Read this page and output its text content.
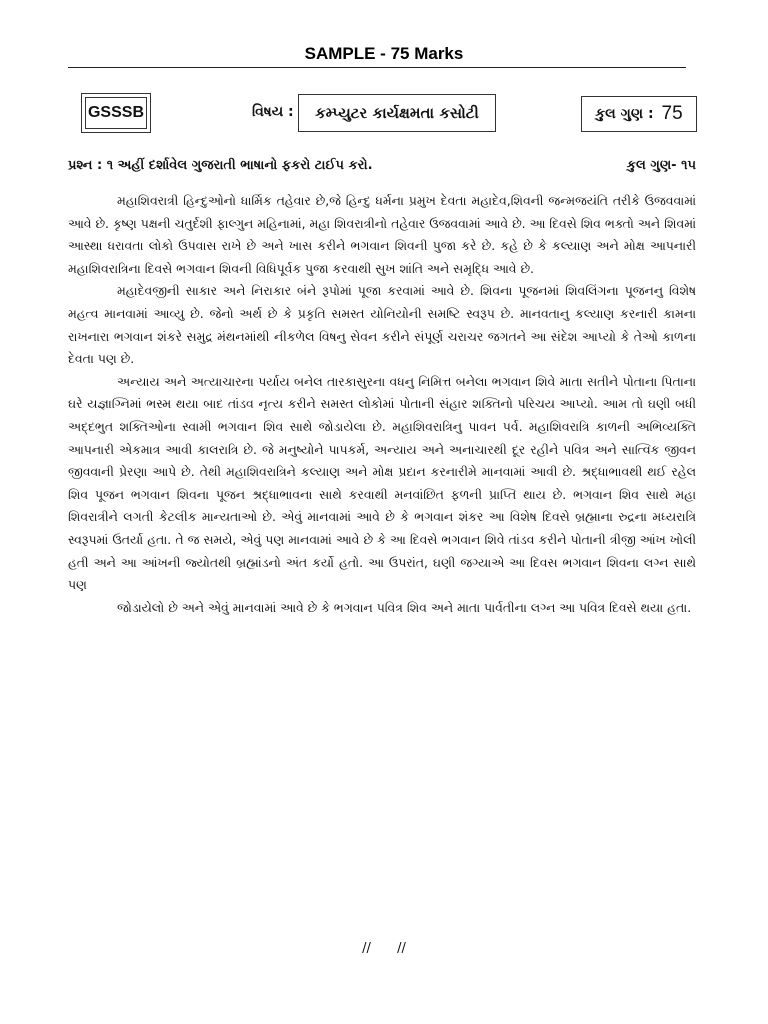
SAMPLE - 75 Marks
GSSSB	વિષય :	કમ્પ્યુટર કાર્યક્ષમતા કસોટી	કુલ ગુણ : 75
પ્રશ્ન : ૧ અહીં દર્શાવેલ ગુજરાતી ભાષાનો ફકરો ટાઈપ કરો.	કુલ ગુણ- ૧૫

મહાશિવરાત્રી હિન્દુઓનો ધાર્મિક તહેવાર છે,જે હિન્દુ ધર્મના પ્રમુખ દેવતા મહાદેવ,શિવની જન્મજયંતિ તરીકે ઉજવવામાં આવે છે. કૃષ્ણ પક્ષની ચતુર્દશી ફાલ્ગુન મહિનામાં, મહા શિવરાત્રીનો તહેવાર ઉજવવામાં આવે છે. આ દિવસે શિવ ભક્તો અને શિવમાં આસ્થા ધરાવતા લોકો ઉપવાસ રાખે છે અને ખાસ કરીને ભગવાન શિવની પુજા કરે છે. કહે છે કે કલ્યાણ અને મોક્ષ આપનારી મહાશિવરાત્રિના દિવસે ભગવાન શિવની વિધિપૂર્વક પુજા કરવાથી સુખ શાંતિ અને સમૃદ્ધિ આવે છે.

મહાદેવજીની સાકાર અને નિરાકાર બંને રૂપોમાં પૂજા કરવામાં આવે છે. શિવના પૂજનમાં શિવલિંગના પૂજનનુ વિશેષ મહત્વ માનવામાં આવ્યુ છે. જેનો અર્થ છે કે પ્રકૃતિ સમસ્ત યોનિયોની સમષ્ટિ સ્વરૂપ છે. માનવતાનુ કલ્યાણ કરનારી કામના રાખનારા ભગવાન શંકરે સમુદ્ર મંથનમાંથી નીકળેલ વિષનુ સેવન કરીને સંપૂર્ણ ચરાચર જગતને આ સંદેશ આપ્યો કે તેઓ કાળના દેવતા પણ છે.

અન્યાય અને અત્યાચારના પર્યાય બનેલ તારકાસુરના વધનુ નિમિત્ત બનેલા ભગવાન શિવે માતા સતીને પોતાના પિતાના ઘરે યજ્ઞાગ્નિમાં ભસ્મ થયા બાદ તાંડવ નૃત્ય કરીને સમસ્ત લોકોમાં પોતાની સંહાર શક્તિનો પરિચય આપ્યો. આમ તો ઘણી બધી અદ્દભુત શક્તિઓના સ્વામી ભગવાન શિવ સાથે જોડાયેલા છે. મહાશિવરાત્રિનુ પાવન પર્વ. મહાશિવરાત્રિ કાળની અભિવ્યક્તિ આપનારી એકમાત્ર આવી કાલરાત્રિ છે. જે મનુષ્યોને પાપકર્મ, અન્યાય અને અનાચારથી દૂર રહીને પવિત્ર અને સાત્વિક જીવન જીવવાની પ્રેરણા આપે છે. તેથી મહાશિવરાત્રિને કલ્યાણ અને મોક્ષ પ્રદાન કરનારીમે માનવામાં આવી છે. શ્રદ્ધાભાવથી થઈ રહેલ શિવ પૂજન ભગવાન શિવના પૂજન શ્રદ્ધાભાવના સાથે કરવાથી મનવાંછિત ફળની પ્રાપ્તિ થાય છે. ભગવાન શિવ સાથે મહા શિવરાત્રીને લગતી કેટલીક માન્યતાઓ છે. એવું માનવામાં આવે છે કે ભગવાન શંકર આ વિશેષ દિવસે બ્રહ્માના રુદ્રના મધ્યરાત્રિ સ્વરૂપમાં ઉતર્યા હતા. તે જ સમયે, એવું પણ માનવામાં આવે છે કે આ દિવસે ભગવાન શિવે તાંડવ કરીને પોતાની ત્રીજી આંખ ખોલી હતી અને આ આંખની જ્યોતથી બ્રહ્માંડનો અંત કર્યો હતો. આ ઉપરાંત, ઘણી જગ્યાએ આ દિવસ ભગવાન શિવના લગ્ન સાથે પણ

જોડાયેલો છે અને એવું માનવામાં આવે છે કે ભગવાન પવિત્ર શિવ અને માતા પાર્વતીના લગ્ન આ પવિત્ર દિવસે થયા હતા.

// //
